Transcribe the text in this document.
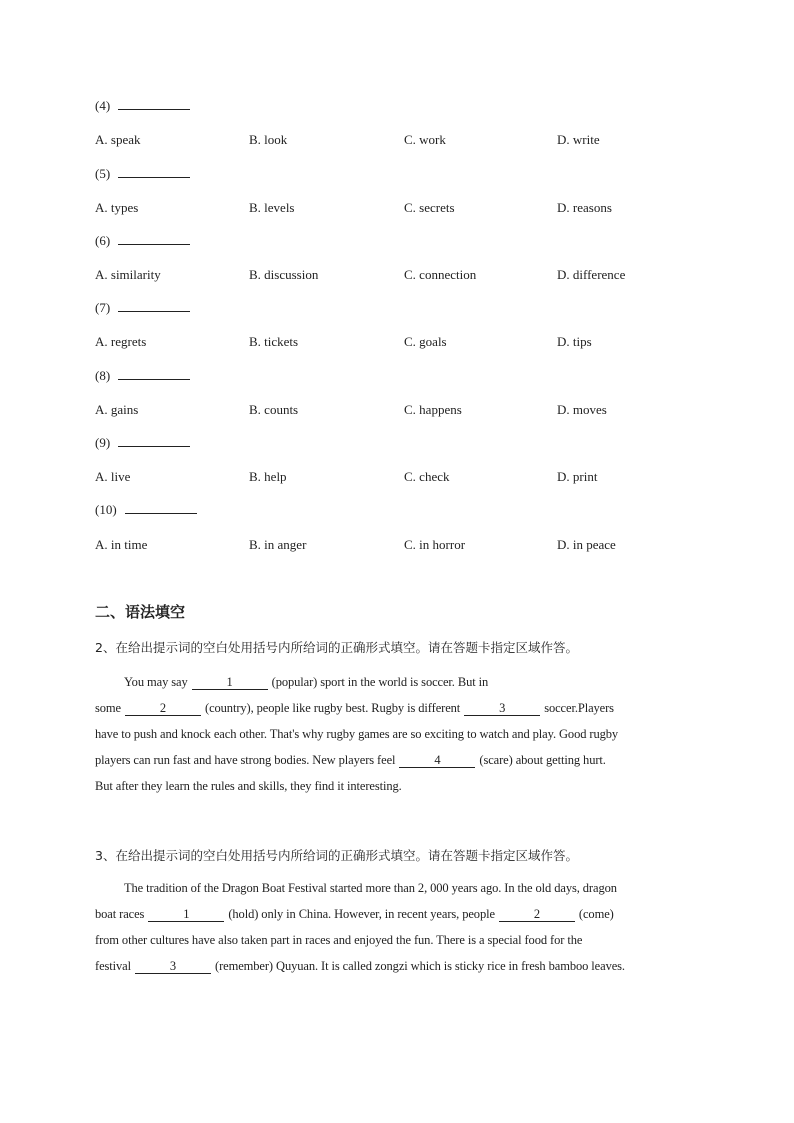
(4)
A. speak	B. look	C. work	D. write
(5)
A. types	B. levels	C. secrets	D. reasons
(6)
A. similarity	B. discussion	C. connection	D. difference
(7)
A. regrets	B. tickets	C. goals	D. tips
(8)
A. gains	B. counts	C. happens	D. moves
(9)
A. live	B. help	C. check	D. print
(10)
A. in time	B. in anger	C. in horror	D. in peace
二、语法填空
2、在给出提示词的空白处用括号内所给词的正确形式填空。请在答题卡指定区域作答。
You may say	1	(popular) sport in the world is soccer. But in
some	2	(country), people like rugby best. Rugby is different	3	soccer.Players
have to push and knock each other. That's why rugby games are so exciting to watch and play. Good rugby
players can run fast and have strong bodies. New players feel	4	(scare) about getting hurt.
But after they learn the rules and skills, they find it interesting.
3、在给出提示词的空白处用括号内所给词的正确形式填空。请在答题卡指定区域作答。
The tradition of the Dragon Boat Festival started more than 2, 000 years ago. In the old days, dragon
boat races	1	(hold) only in China. However, in recent years, people	2	(come)
from other cultures have also taken part in races and enjoyed the fun. There is a special food for the
festival	3	(remember) Quyuan. It is called zongzi which is sticky rice in fresh bamboo leaves.
